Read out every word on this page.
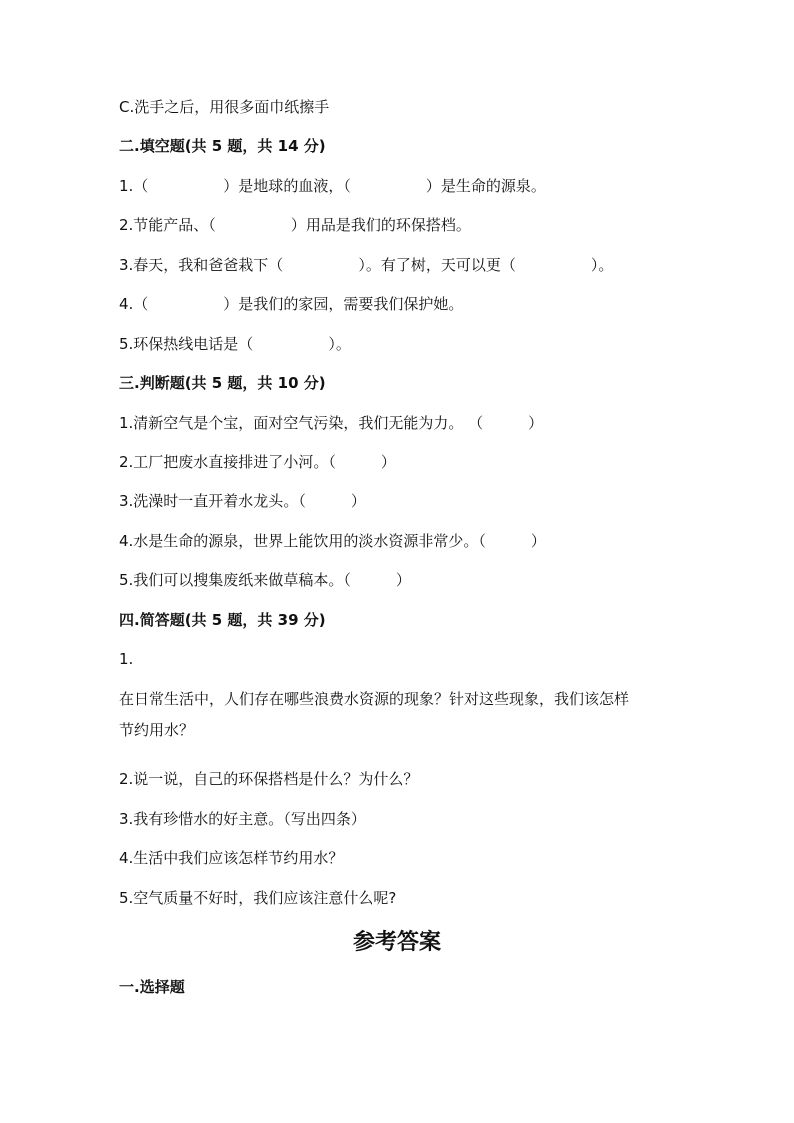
C.洗手之后，用很多面巾纸擦手
二.填空题(共 5 题，共 14 分)
1.（　　　　　）是地球的血液，（　　　　　）是生命的源泉。
2.节能产品、（　　　　　）用品是我们的环保搭档。
3.春天，我和爸爸栽下（　　　　　）。有了树，天可以更（　　　　　）。
4.（　　　　　）是我们的家园，需要我们保护她。
5.环保热线电话是（　　　　　）。
三.判断题(共 5 题，共 10 分)
1.清新空气是个宝，面对空气污染，我们无能为力。 （　　　）
2.工厂把废水直接排进了小河。（　　　）
3.洗澡时一直开着水龙头。（　　　）
4.水是生命的源泉，世界上能饮用的淡水资源非常少。（　　　）
5.我们可以搜集废纸来做草稿本。（　　　）
四.简答题(共 5 题，共 39 分)
1.
在日常生活中，人们存在哪些浪费水资源的现象？针对这些现象，我们该怎样
节约用水？
2.说一说，自己的环保搭档是什么？为什么？
3.我有珍惜水的好主意。（写出四条）
4.生活中我们应该怎样节约用水？
5.空气质量不好时，我们应该注意什么呢?
参考答案
一.选择题
